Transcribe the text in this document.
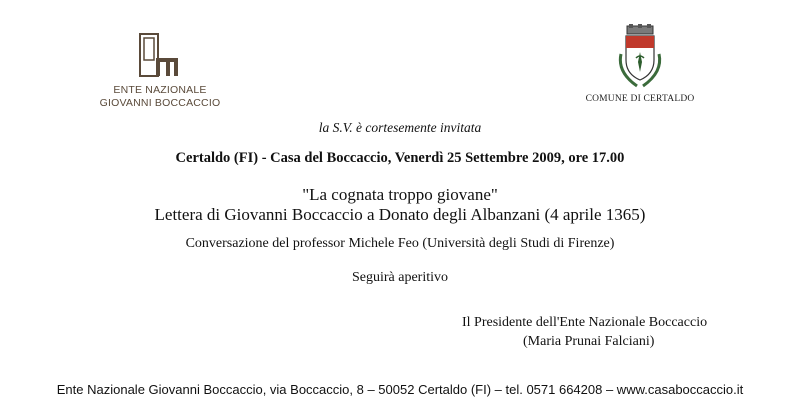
ENTE NAZIONALE
GIOVANNI BOCCACCIO	COMUNE DI CERTALDO
la S.V. è cortesemente invitata
Certaldo (FI) - Casa del Boccaccio, Venerdì 25 Settembre 2009, ore 17.00
"La cognata troppo giovane"
Lettera di Giovanni Boccaccio a Donato degli Albanzani (4 aprile 1365)
Conversazione del professor Michele Feo (Università degli Studi di Firenze)
Seguirà aperitivo
Il Presidente dell'Ente Nazionale Boccaccio
(Maria Prunai Falciani)
Ente Nazionale Giovanni Boccaccio, via Boccaccio, 8 – 50052 Certaldo (FI) – tel. 0571 664208 – www.casaboccaccio.it
